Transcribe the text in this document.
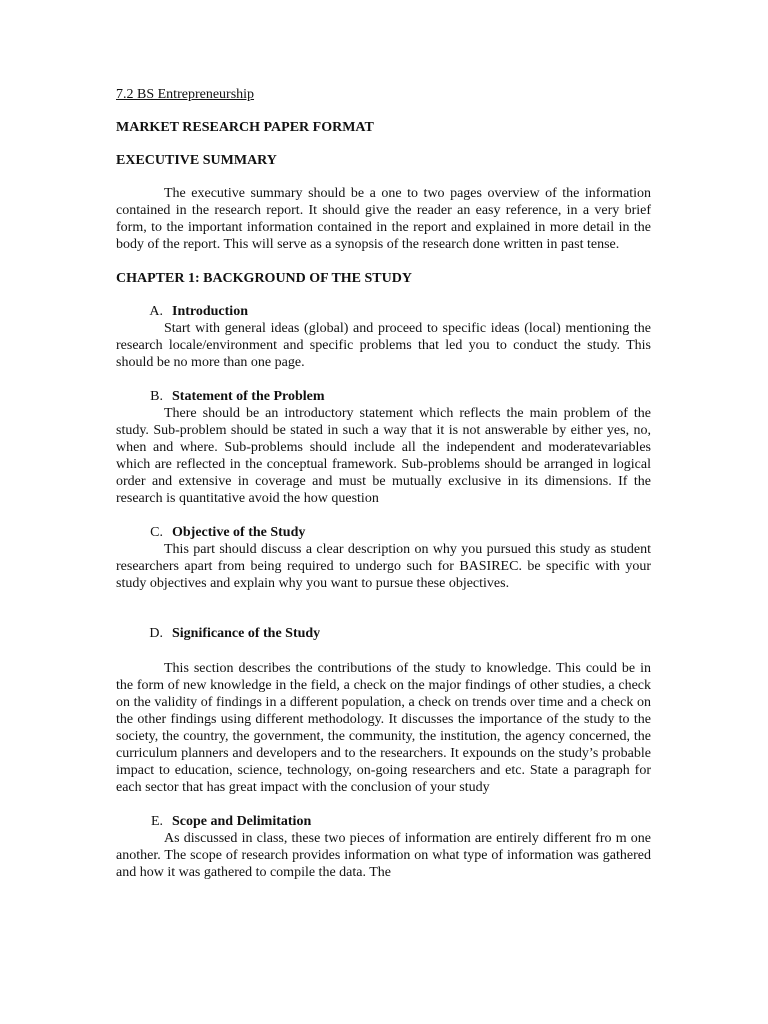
7.2 BS Entrepreneurship

MARKET RESEARCH PAPER FORMAT

EXECUTIVE SUMMARY

The executive summary should be a one to two pages overview of the information contained in the research report. It should give the reader an easy reference, in a very brief form, to the important information contained in the report and explained in more detail in the body of the report. This will serve as a synopsis of the research done written in past tense.

CHAPTER 1: BACKGROUND OF THE STUDY

A. Introduction

Start with general ideas (global) and proceed to specific ideas (local) mentioning the research locale/environment and specific problems that led you to conduct the study. This should be no more than one page.

B. Statement of the Problem

There should be an introductory statement which reflects the main problem of the study. Sub-problem should be stated in such a way that it is not answerable by either yes, no, when and where. Sub-problems should include all the independent and moderatevariables which are reflected in the conceptual framework. Sub-problems should be arranged in logical order and extensive in coverage and must be mutually exclusive in its dimensions. If the research is quantitative avoid the how question

C. Objective of the Study

This part should discuss a clear description on why you pursued this study as student researchers apart from being required to undergo such for BASIREC. be specific with your study objectives and explain why you want to pursue these objectives.

D. Significance of the Study

This section describes the contributions of the study to knowledge. This could be in the form of new knowledge in the field, a check on the major findings of other studies, a check on the validity of findings in a different population, a check on trends over time and a check on the other findings using different methodology. It discusses the importance of the study to the society, the country, the government, the community, the institution, the agency concerned, the curriculum planners and developers and to the researchers. It expounds on the study’s probable impact to education, science, technology, on-going researchers and etc. State a paragraph for each sector that has great impact with the conclusion of your study

E. Scope and Delimitation

As discussed in class, these two pieces of information are entirely different fro m one another. The scope of research provides information on what type of information was gathered and how it was gathered to compile the data. The
